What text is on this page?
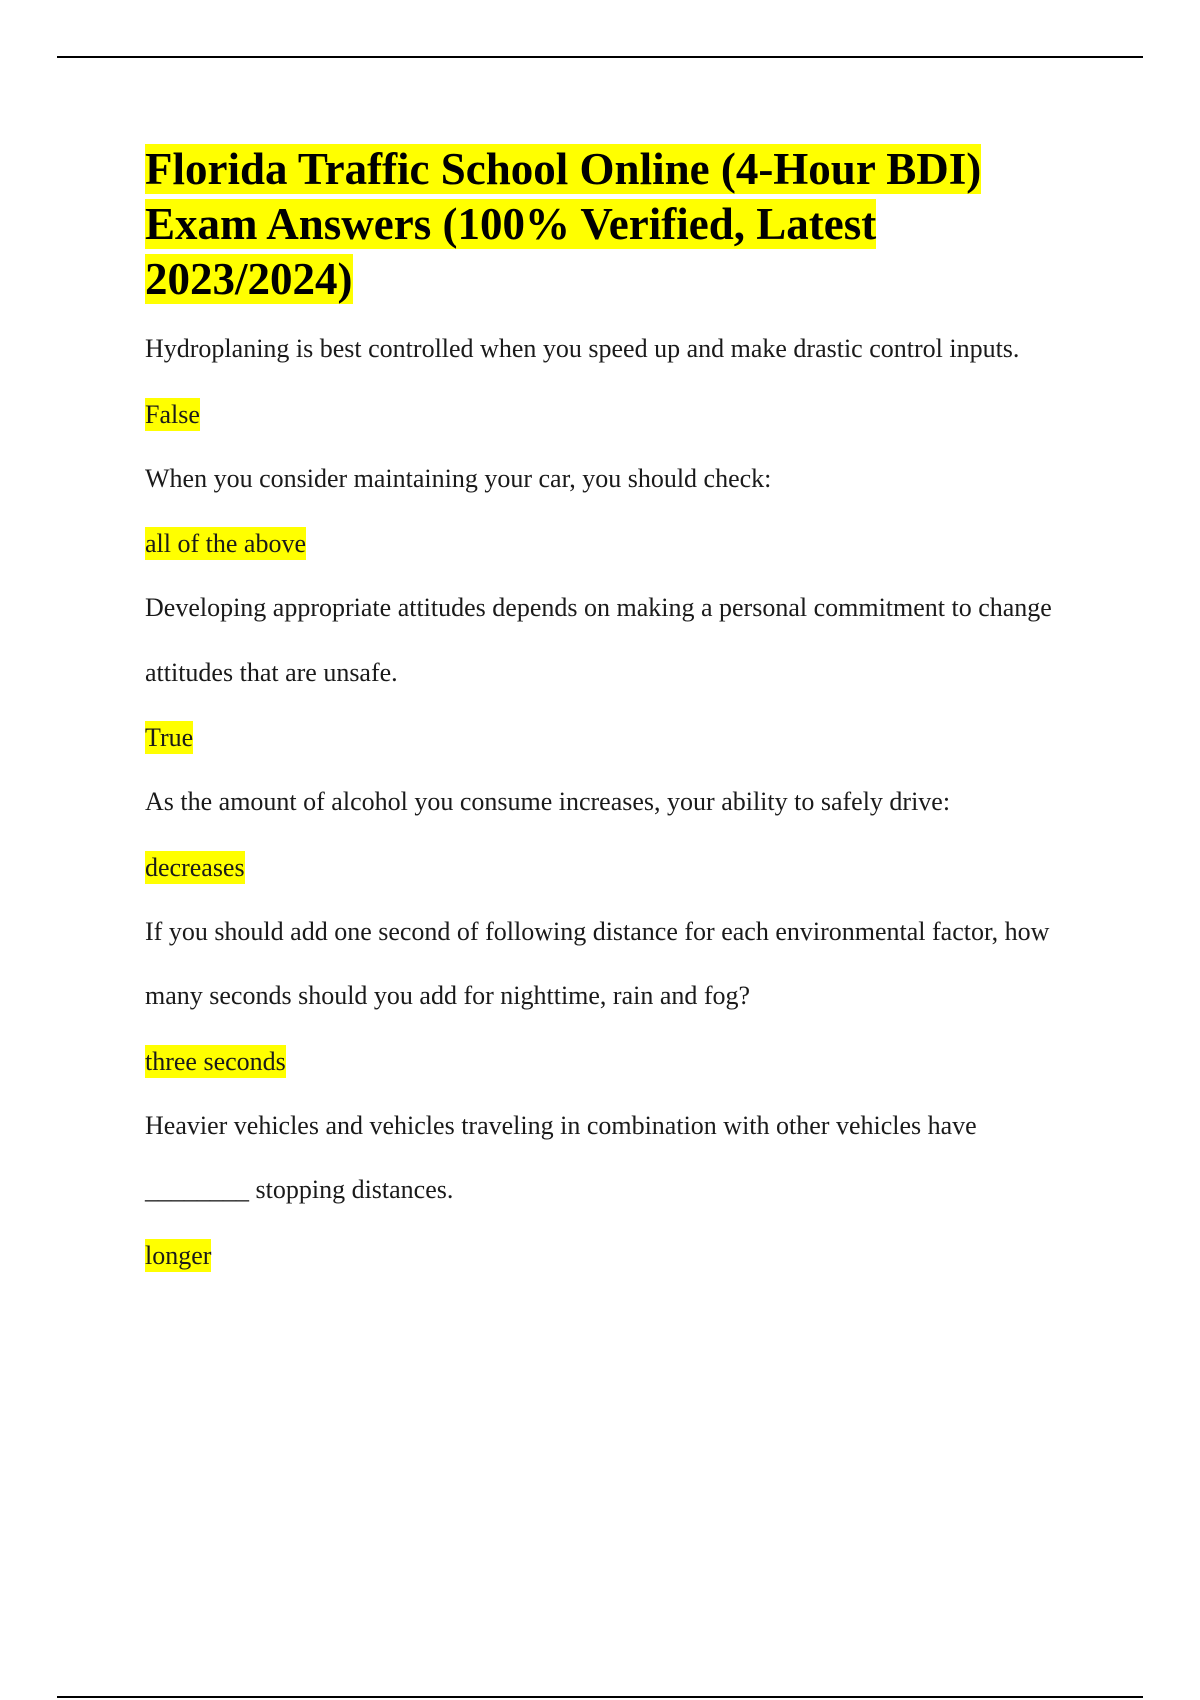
Florida Traffic School Online (4-Hour BDI) Exam Answers (100% Verified, Latest 2023/2024)

Hydroplaning is best controlled when you speed up and make drastic control inputs.

False

When you consider maintaining your car, you should check:

all of the above

Developing appropriate attitudes depends on making a personal commitment to change attitudes that are unsafe.

True

As the amount of alcohol you consume increases, your ability to safely drive:

decreases

If you should add one second of following distance for each environmental factor, how many seconds should you add for nighttime, rain and fog?

three seconds

Heavier vehicles and vehicles traveling in combination with other vehicles have ________ stopping distances.

longer
